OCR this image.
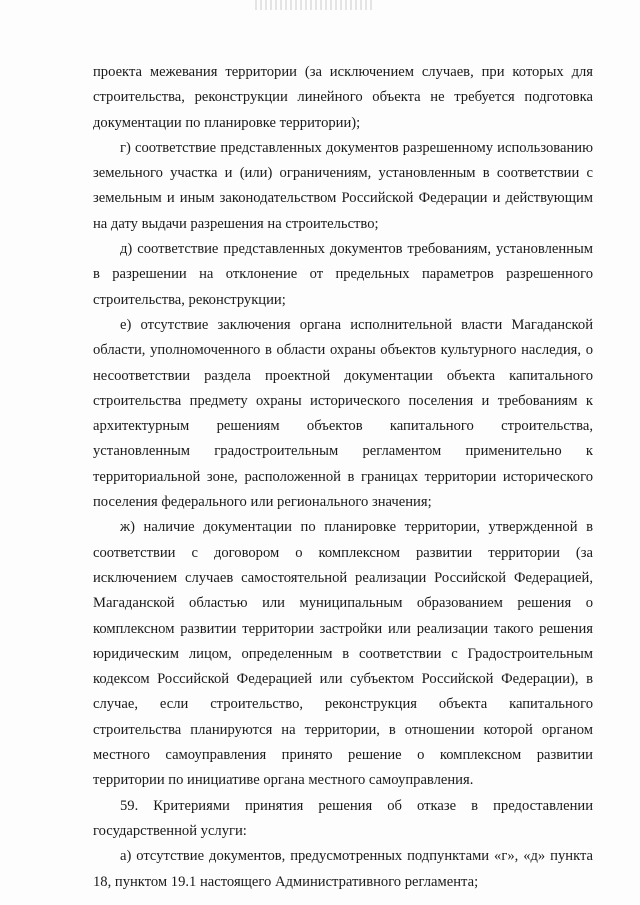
проекта межевания территории (за исключением случаев, при которых для строительства, реконструкции линейного объекта не требуется подготовка документации по планировке территории);

г) соответствие представленных документов разрешенному использованию земельного участка и (или) ограничениям, установленным в соответствии с земельным и иным законодательством Российской Федерации и действующим на дату выдачи разрешения на строительство;

д) соответствие представленных документов требованиям, установленным в разрешении на отклонение от предельных параметров разрешенного строительства, реконструкции;

е) отсутствие заключения органа исполнительной власти Магаданской области, уполномоченного в области охраны объектов культурного наследия, о несоответствии раздела проектной документации объекта капитального строительства предмету охраны исторического поселения и требованиям к архитектурным решениям объектов капитального строительства, установленным градостроительным регламентом применительно к территориальной зоне, расположенной в границах территории исторического поселения федерального или регионального значения;

ж) наличие документации по планировке территории, утвержденной в соответствии с договором о комплексном развитии территории (за исключением случаев самостоятельной реализации Российской Федерацией, Магаданской областью или муниципальным образованием решения о комплексном развитии территории застройки или реализации такого решения юридическим лицом, определенным в соответствии с Градостроительным кодексом Российской Федерацией или субъектом Российской Федерации), в случае, если строительство, реконструкция объекта капитального строительства планируются на территории, в отношении которой органом местного самоуправления принято решение о комплексном развитии территории по инициативе органа местного самоуправления.

59. Критериями принятия решения об отказе в предоставлении государственной услуги:

а) отсутствие документов, предусмотренных подпунктами «г», «д» пункта 18, пунктом 19.1 настоящего Административного регламента;
